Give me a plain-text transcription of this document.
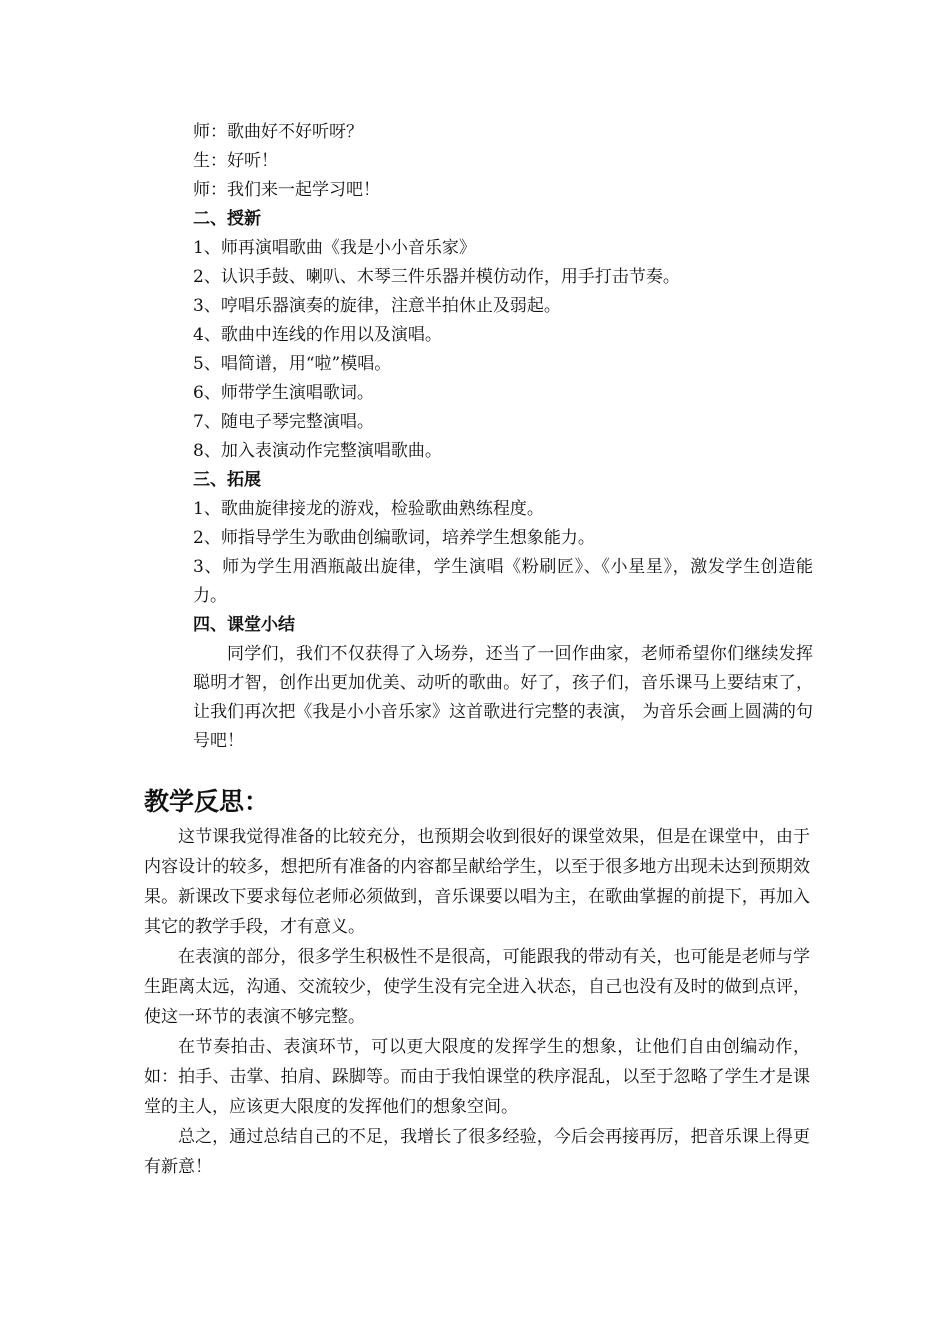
师：歌曲好不好听呀？
生：好听！
师：我们来一起学习吧！
二、授新
1、师再演唱歌曲《我是小小音乐家》
2、认识手鼓、喇叭、木琴三件乐器并模仿动作，用手打击节奏。
3、哼唱乐器演奏的旋律，注意半拍休止及弱起。
4、歌曲中连线的作用以及演唱。
5、唱简谱，用“啦”模唱。
6、师带学生演唱歌词。
7、随电子琴完整演唱。
8、加入表演动作完整演唱歌曲。
三、拓展
1、歌曲旋律接龙的游戏，检验歌曲熟练程度。
2、师指导学生为歌曲创编歌词，培养学生想象能力。
3、师为学生用酒瓶敲出旋律，学生演唱《粉刷匠》、《小星星》，激发学生创造能力。
四、课堂小结
同学们，我们不仅获得了入场券，还当了一回作曲家，老师希望你们继续发挥聪明才智，创作出更加优美、动听的歌曲。好了，孩子们，音乐课马上要结束了，让我们再次把《我是小小音乐家》这首歌进行完整的表演， 为音乐会画上圆满的句号吧！
教学反思：
这节课我觉得准备的比较充分，也预期会收到很好的课堂效果，但是在课堂中，由于内容设计的较多，想把所有准备的内容都呈献给学生，以至于很多地方出现未达到预期效果。新课改下要求每位老师必须做到，音乐课要以唱为主，在歌曲掌握的前提下，再加入其它的教学手段，才有意义。
在表演的部分，很多学生积极性不是很高，可能跟我的带动有关，也可能是老师与学生距离太远，沟通、交流较少，使学生没有完全进入状态，自己也没有及时的做到点评，使这一环节的表演不够完整。
在节奏拍击、表演环节，可以更大限度的发挥学生的想象，让他们自由创编动作，如：拍手、击掌、拍肩、跺脚等。而由于我怕课堂的秩序混乱，以至于忽略了学生才是课堂的主人，应该更大限度的发挥他们的想象空间。
总之，通过总结自己的不足，我增长了很多经验，今后会再接再厉，把音乐课上得更有新意！
